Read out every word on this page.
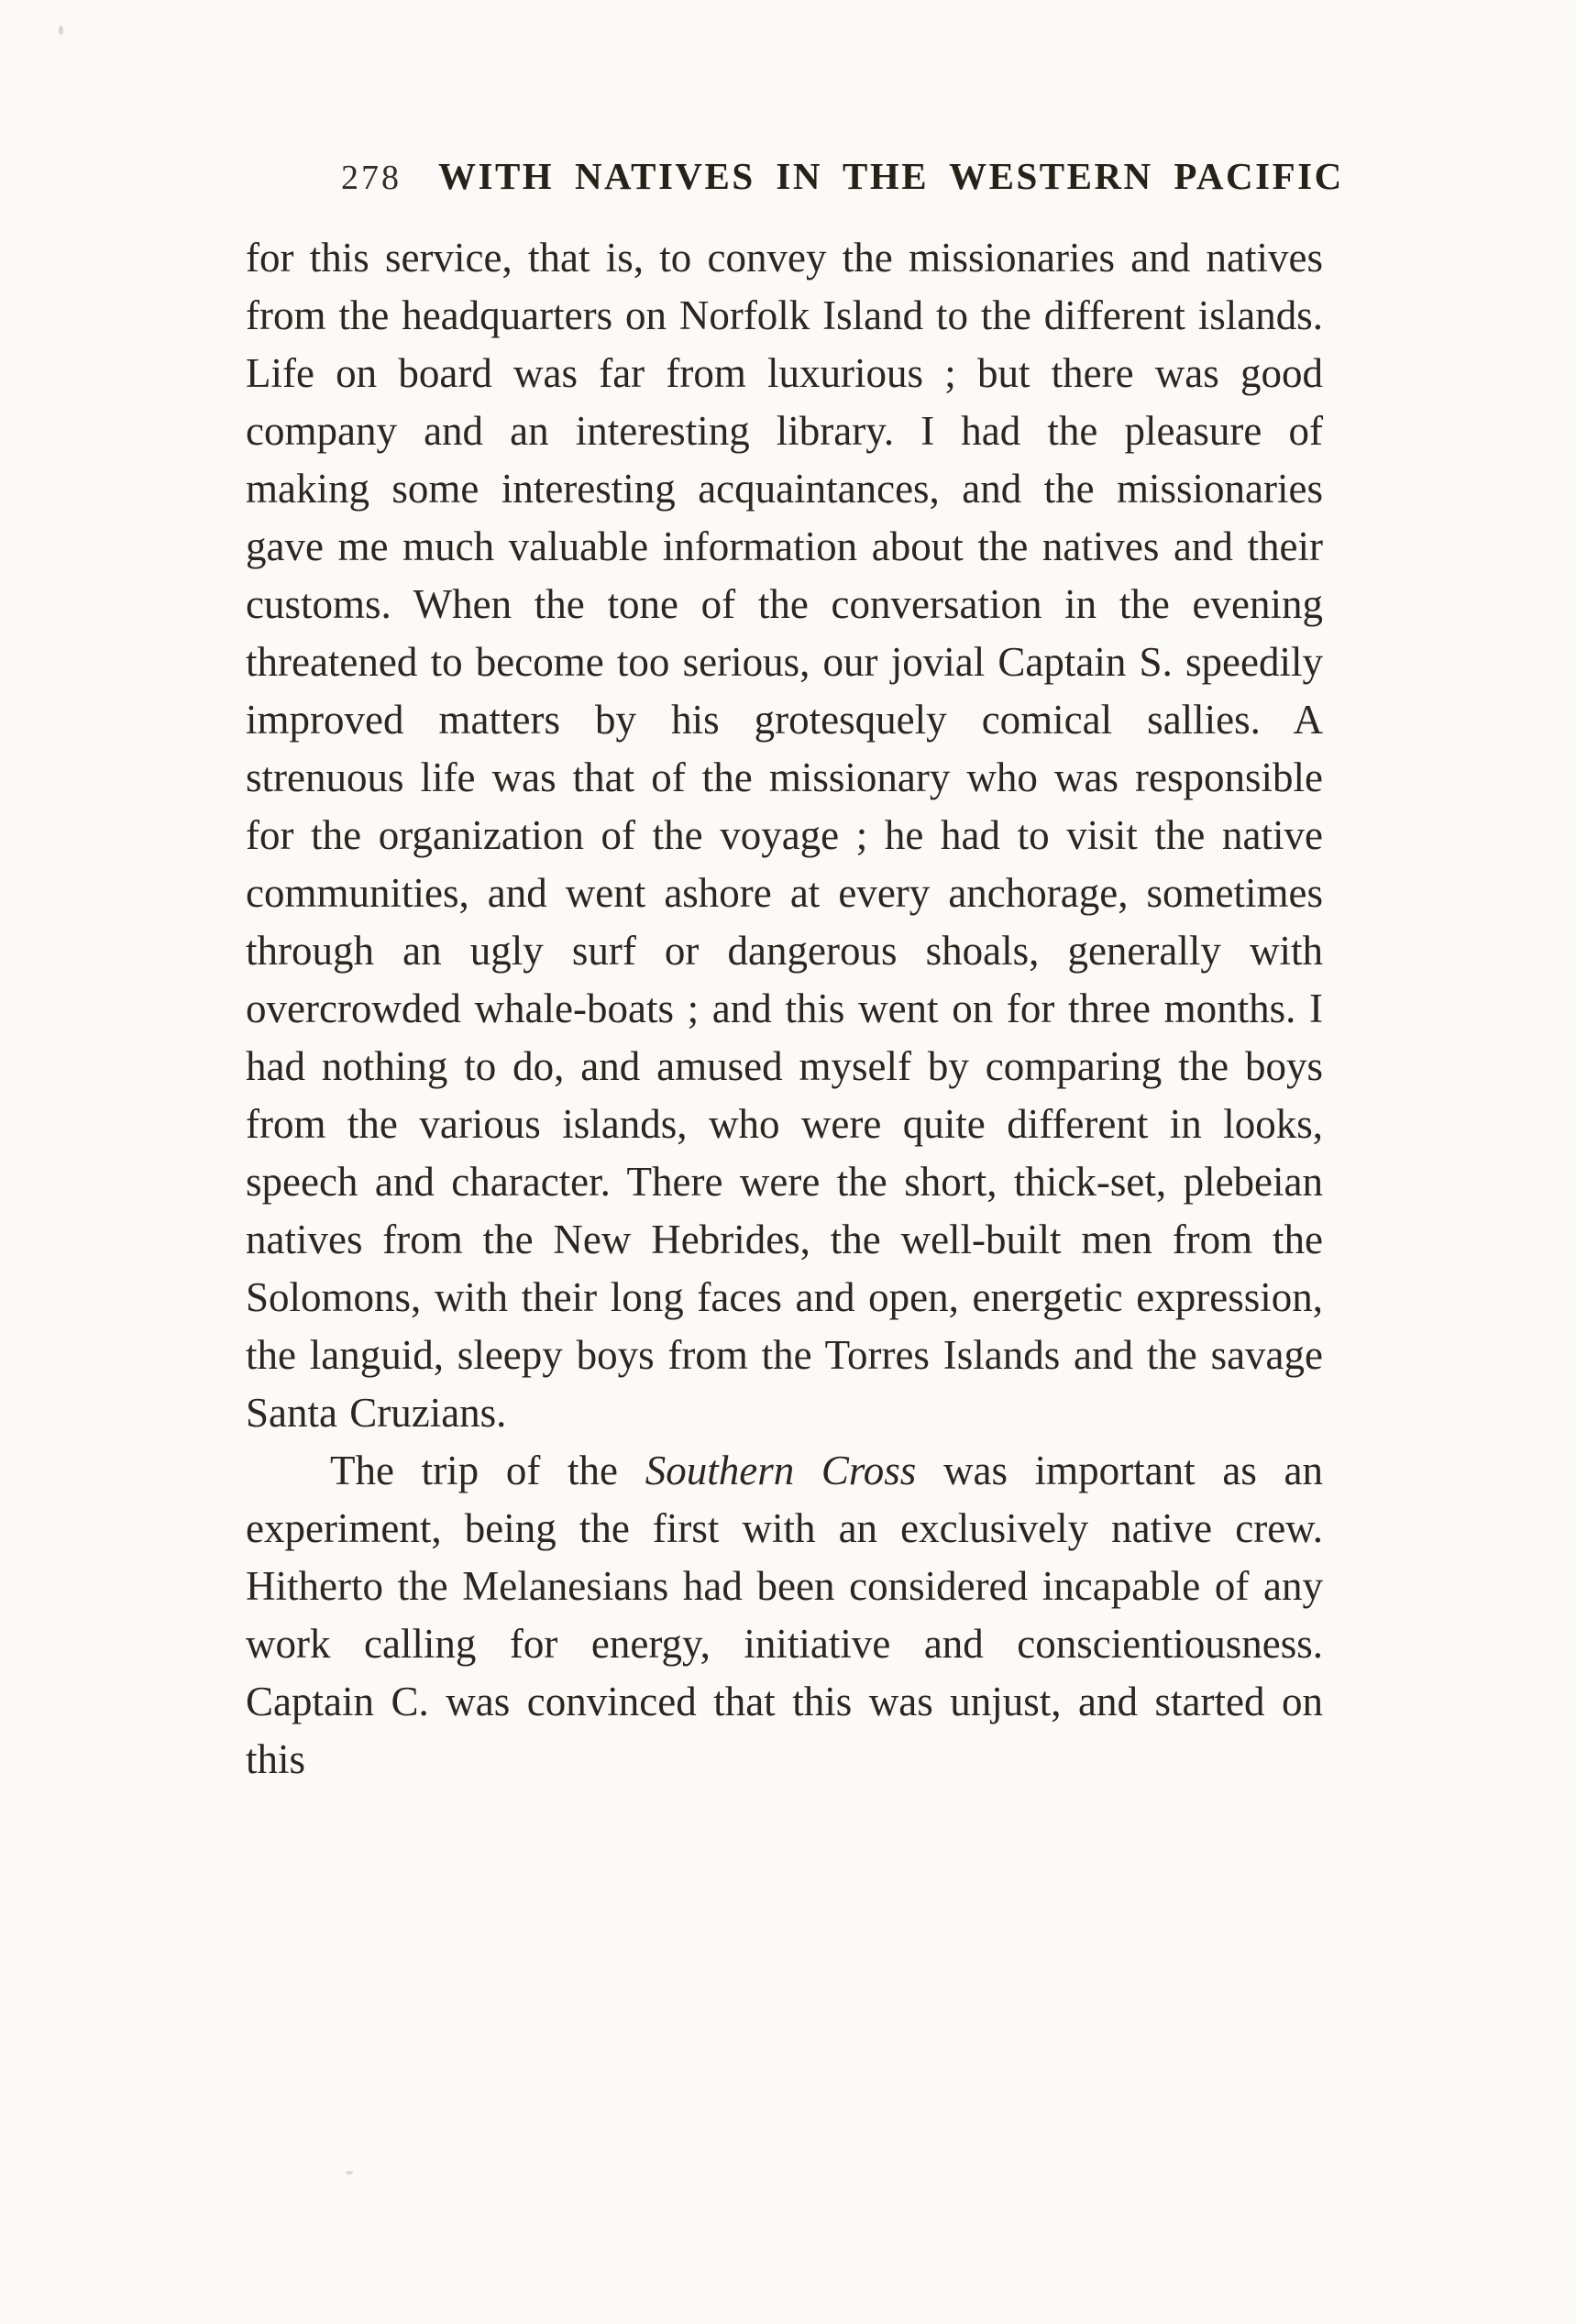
278 WITH NATIVES IN THE WESTERN PACIFIC

for this service, that is, to convey the missionaries and natives from the headquarters on Norfolk Island to the different islands. Life on board was far from luxurious ; but there was good company and an interesting library. I had the pleasure of making some interesting acquaintances, and the missionaries gave me much valuable information about the natives and their customs. When the tone of the conversation in the evening threatened to become too serious, our jovial Captain S. speedily improved matters by his grotesquely comical sallies. A strenuous life was that of the missionary who was responsible for the organization of the voyage ; he had to visit the native communities, and went ashore at every anchorage, sometimes through an ugly surf or dangerous shoals, generally with overcrowded whale-boats ; and this went on for three months. I had nothing to do, and amused myself by comparing the boys from the various islands, who were quite different in looks, speech and character. There were the short, thick-set, plebeian natives from the New Hebrides, the well-built men from the Solomons, with their long faces and open, energetic expression, the languid, sleepy boys from the Torres Islands and the savage Santa Cruzians.

The trip of the Southern Cross was important as an experiment, being the first with an exclusively native crew. Hitherto the Melanesians had been considered incapable of any work calling for energy, initiative and conscientiousness. Captain C. was convinced that this was unjust, and started on this
